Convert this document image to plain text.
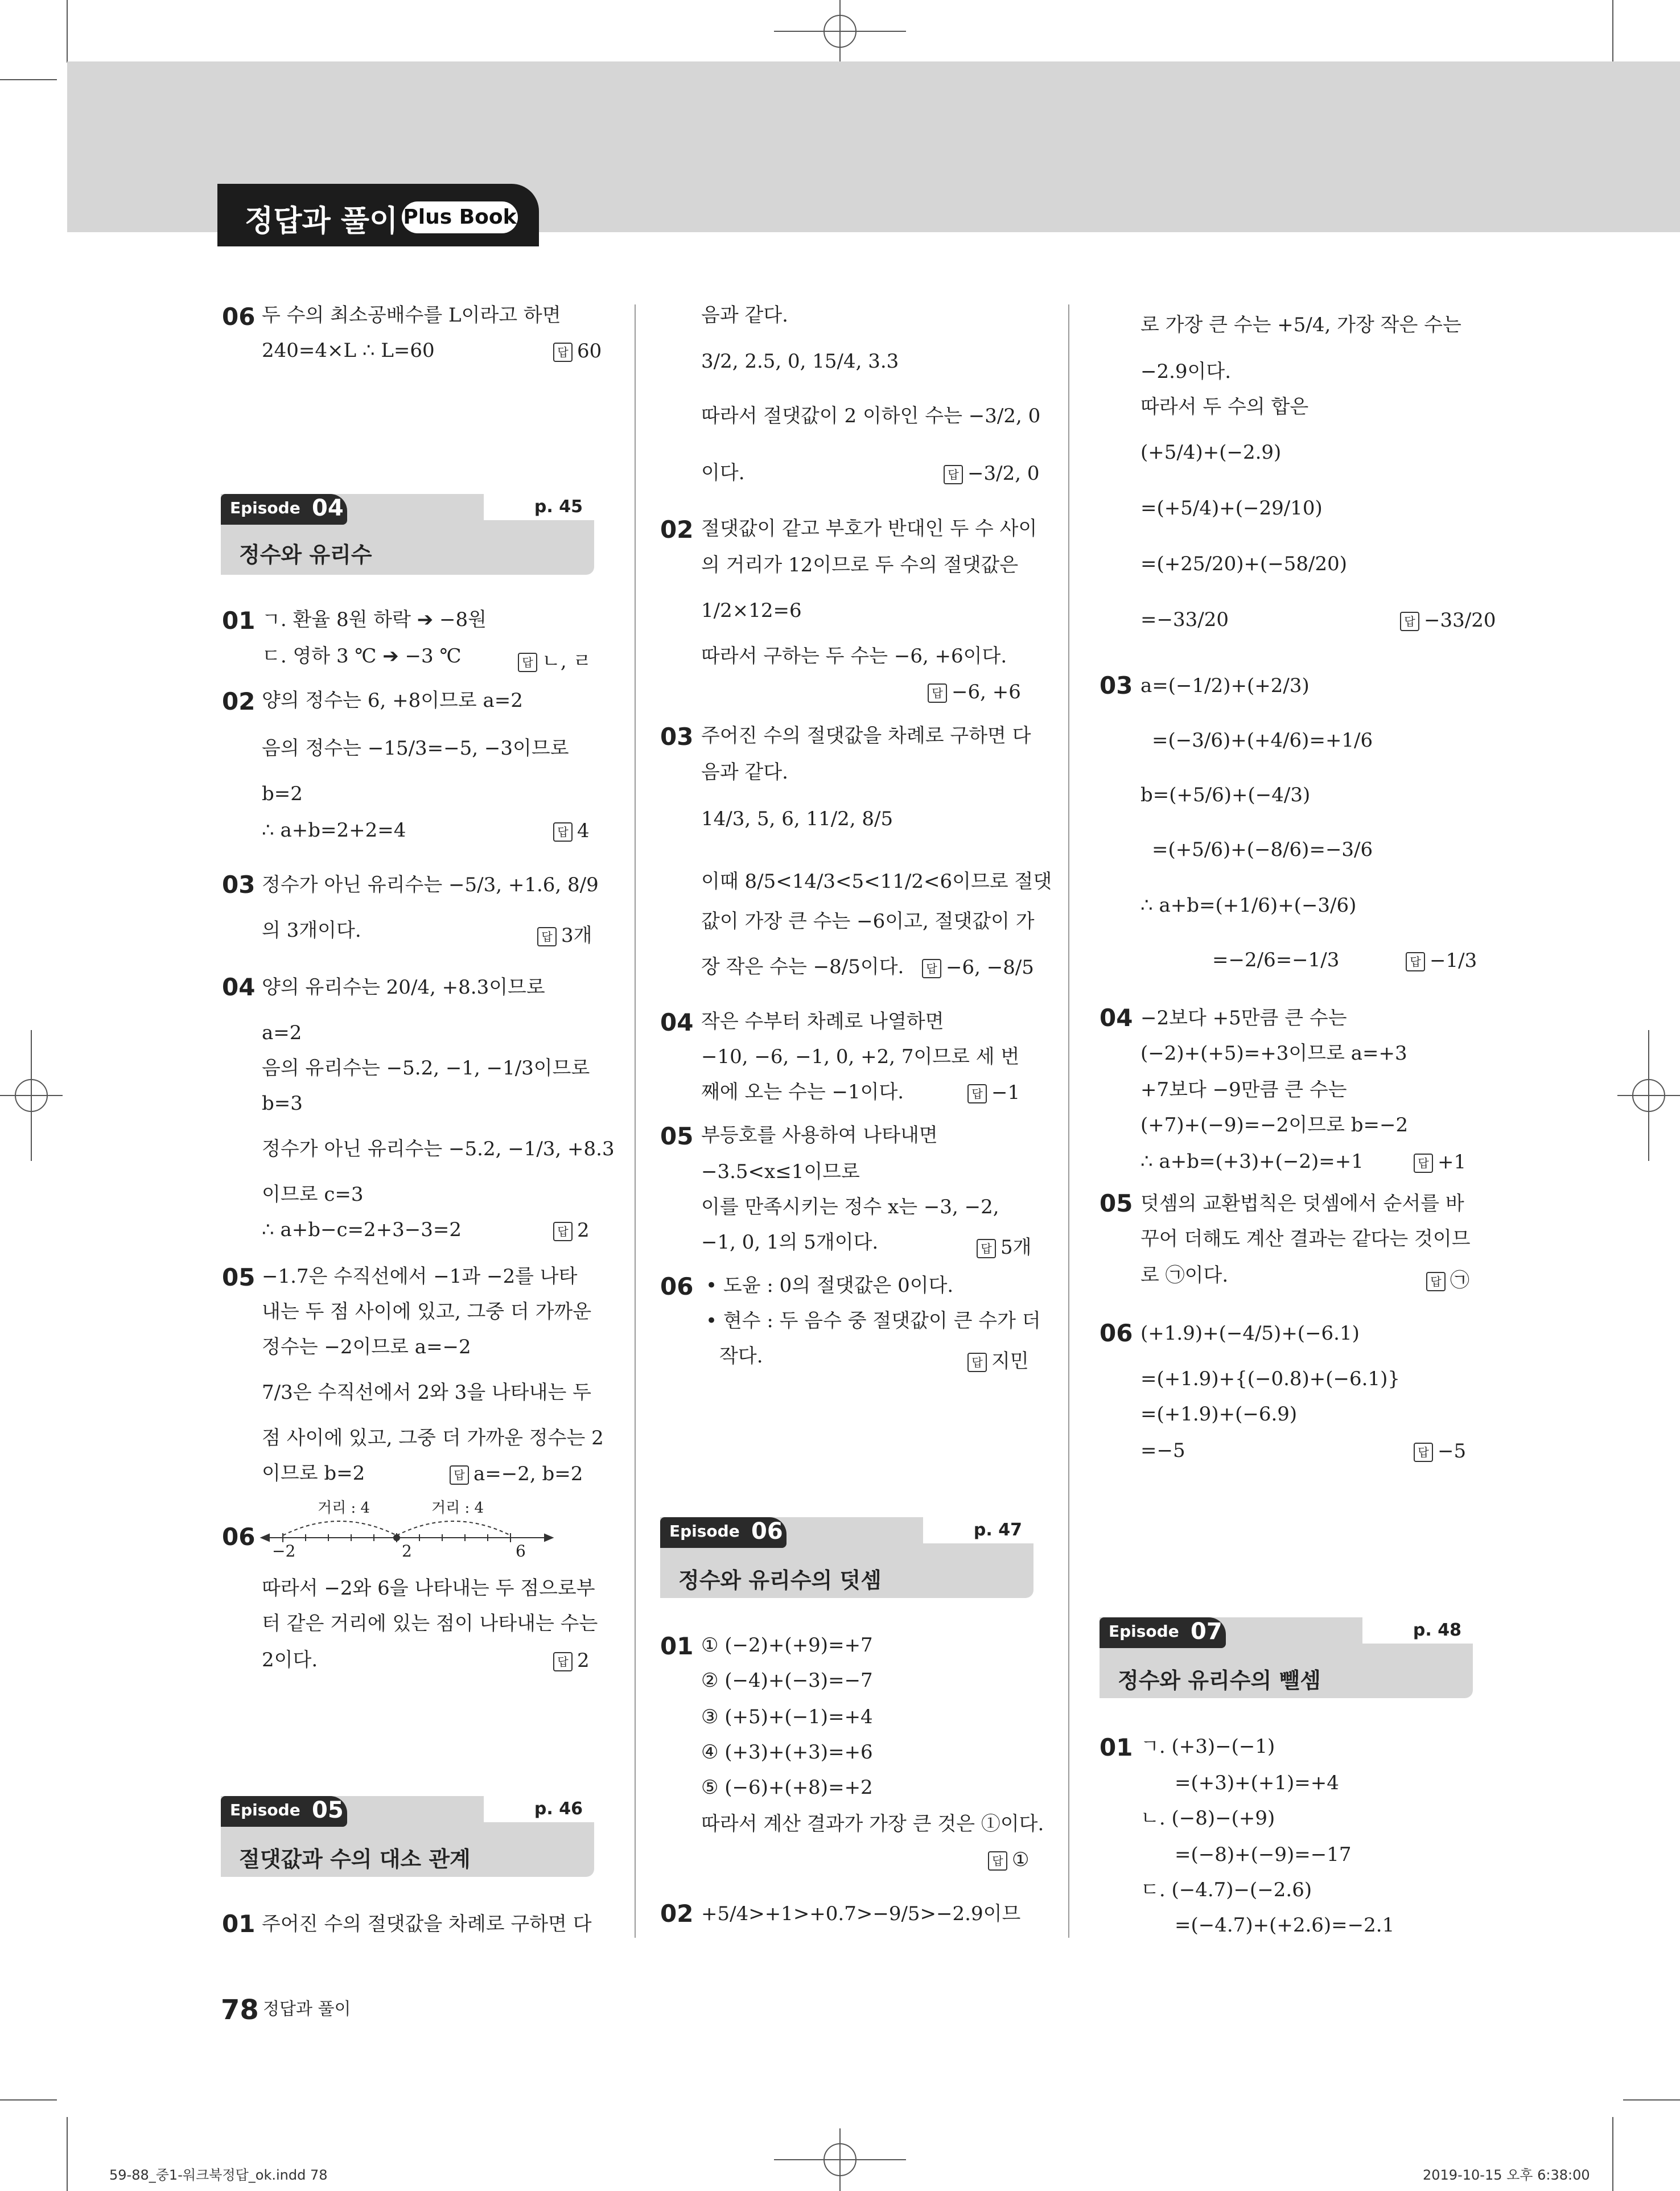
정답과 풀이 Plus Book
06 두 수의 최소공배수를 L이라고 하면
240=4×L ∴ L=60	답 60
Episode 04	p. 45
정수와 유리수
01 ㄱ. 환율 8원 하락 ➔ −8원
ㄷ. 영하 3 ℃ ➔ −3 ℃	답 ㄴ, ㄹ
02 양의 정수는 6, +8이므로 a=2
음의 정수는 −15/3=−5, −3이므로
b=2
∴ a+b=2+2=4	답 4
03 정수가 아닌 유리수는 −5/3, +1.6, 8/9
의 3개이다.	답 3개
04 양의 유리수는 20/4, +8.3이므로
a=2
음의 유리수는 −5.2, −1, −1/3이므로
b=3
정수가 아닌 유리수는 −5.2, −1/3, +8.3
이므로 c=3
∴ a+b−c=2+3−3=2	답 2
05 −1.7은 수직선에서 −1과 −2를 나타
내는 두 점 사이에 있고, 그중 더 가까운
정수는 −2이므로 a=−2
7/3은 수직선에서 2와 3을 나타내는 두
점 사이에 있고, 그중 더 가까운 정수는 2
이므로 b=2	답 a=−2, b=2
06
거리 : 4	거리 : 4
−2	2	6
따라서 −2와 6을 나타내는 두 점으로부
터 같은 거리에 있는 점이 나타내는 수는
2이다.	답 2
Episode 05	p. 46
절댓값과 수의 대소 관계
01 주어진 수의 절댓값을 차례로 구하면 다
음과 같다.
3/2, 2.5, 0, 15/4, 3.3
따라서 절댓값이 2 이하인 수는 −3/2, 0
이다.	답 −3/2, 0
02 절댓값이 같고 부호가 반대인 두 수 사이
의 거리가 12이므로 두 수의 절댓값은
1/2×12=6
따라서 구하는 두 수는 −6, +6이다.
답 −6, +6
03 주어진 수의 절댓값을 차례로 구하면 다
음과 같다.
14/3, 5, 6, 11/2, 8/5
이때 8/5<14/3<5<11/2<6이므로 절댓
값이 가장 큰 수는 −6이고, 절댓값이 가
장 작은 수는 −8/5이다.	답 −6, −8/5
04 작은 수부터 차례로 나열하면
−10, −6, −1, 0, +2, 7이므로 세 번
째에 오는 수는 −1이다.	답 −1
05 부등호를 사용하여 나타내면
−3.5<x≤1이므로
이를 만족시키는 정수 x는 −3, −2,
−1, 0, 1의 5개이다.	답 5개
06 • 도윤 : 0의 절댓값은 0이다.
• 현수 : 두 음수 중 절댓값이 큰 수가 더
작다.	답 지민
Episode 06	p. 47
정수와 유리수의 덧셈
01 ① (−2)+(+9)=+7
② (−4)+(−3)=−7
③ (+5)+(−1)=+4
④ (+3)+(+3)=+6
⑤ (−6)+(+8)=+2
따라서 계산 결과가 가장 큰 것은 ①이다.
답 ①
02 +5/4>+1>+0.7>−9/5>−2.9이므
로 가장 큰 수는 +5/4, 가장 작은 수는
−2.9이다.
따라서 두 수의 합은
(+5/4)+(−2.9)
=(+5/4)+(−29/10)
=(+25/20)+(−58/20)
=−33/20	답 −33/20
03 a=(−1/2)+(+2/3)
=(−3/6)+(+4/6)=+1/6
b=(+5/6)+(−4/3)
=(+5/6)+(−8/6)=−3/6
∴ a+b=(+1/6)+(−3/6)
=−2/6=−1/3	답 −1/3
04 −2보다 +5만큼 큰 수는
(−2)+(+5)=+3이므로 a=+3
+7보다 −9만큼 큰 수는
(+7)+(−9)=−2이므로 b=−2
∴ a+b=(+3)+(−2)=+1	답 +1
05 덧셈의 교환법칙은 덧셈에서 순서를 바
꾸어 더해도 계산 결과는 같다는 것이므
로 ㉠이다.	답 ㉠
06 (+1.9)+(−4/5)+(−6.1)
=(+1.9)+{(−0.8)+(−6.1)}
=(+1.9)+(−6.9)
=−5	답 −5
Episode 07	p. 48
정수와 유리수의 뺄셈
01 ㄱ. (+3)−(−1)
=(+3)+(+1)=+4
ㄴ. (−8)−(+9)
=(−8)+(−9)=−17
ㄷ. (−4.7)−(−2.6)
=(−4.7)+(+2.6)=−2.1
78 정답과 풀이
59-88_중1-워크북정답_ok.indd 78	2019-10-15 오후 6:38:00
